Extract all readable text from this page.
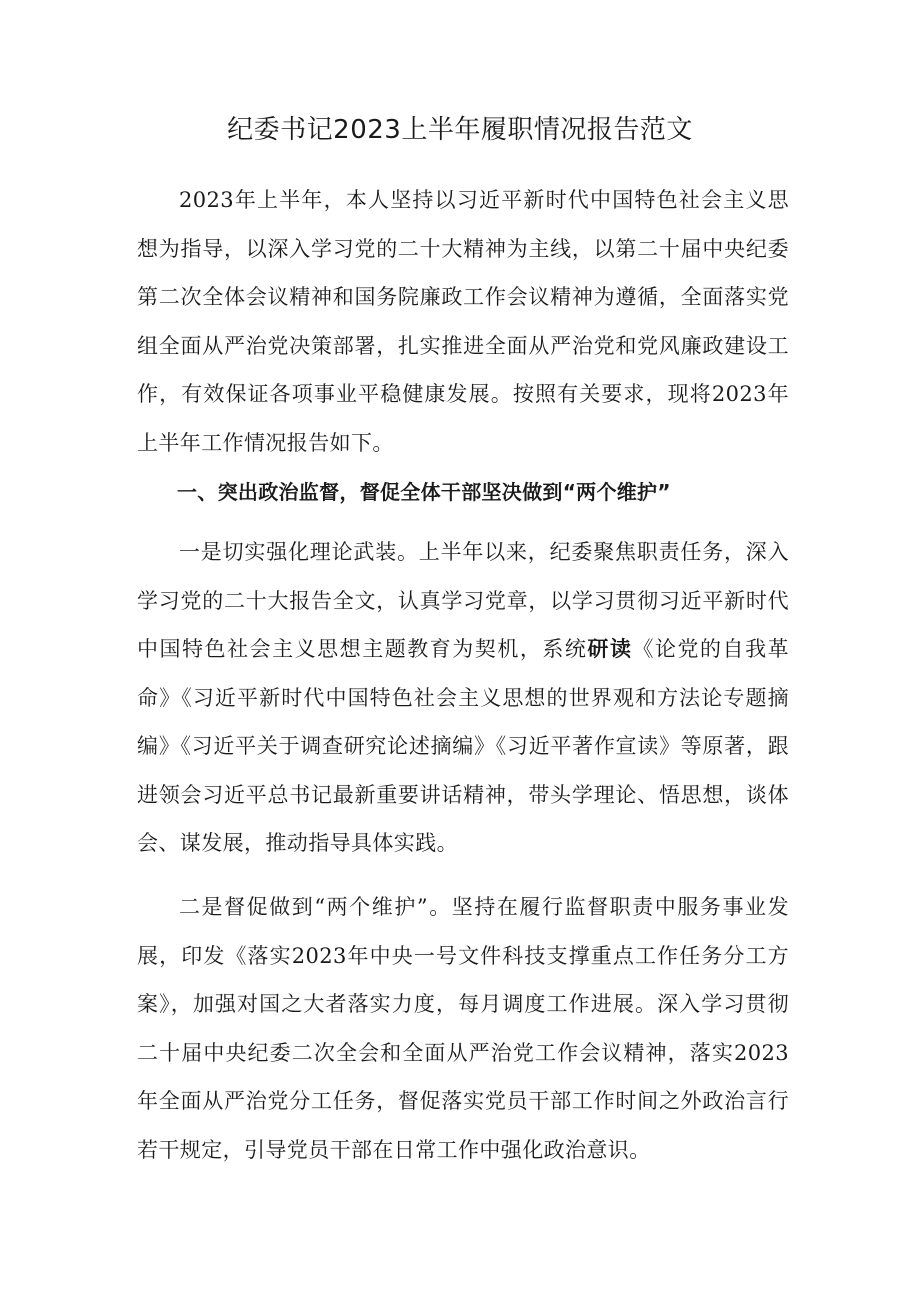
纪委书记2023上半年履职情况报告范文

2023年上半年，本人坚持以习近平新时代中国特色社会主义思想为指导，以深入学习党的二十大精神为主线，以第二十届中央纪委第二次全体会议精神和国务院廉政工作会议精神为遵循，全面落实党组全面从严治党决策部署，扎实推进全面从严治党和党风廉政建设工作，有效保证各项事业平稳健康发展。按照有关要求，现将2023年上半年工作情况报告如下。

一、突出政治监督，督促全体干部坚决做到“两个维护”

一是切实强化理论武装。上半年以来，纪委聚焦职责任务，深入学习党的二十大报告全文，认真学习党章，以学习贯彻习近平新时代中国特色社会主义思想主题教育为契机，系统研读《论党的自我革命》《习近平新时代中国特色社会主义思想的世界观和方法论专题摘编》《习近平关于调查研究论述摘编》《习近平著作宣读》等原著，跟进领会习近平总书记最新重要讲话精神，带头学理论、悟思想，谈体会、谋发展，推动指导具体实践。

二是督促做到“两个维护”。坚持在履行监督职责中服务事业发展，印发《落实2023年中央一号文件科技支撑重点工作任务分工方案》，加强对国之大者落实力度，每月调度工作进展。深入学习贯彻二十届中央纪委二次全会和全面从严治党工作会议精神，落实2023年全面从严治党分工任务，督促落实党员干部工作时间之外政治言行若干规定，引导党员干部在日常工作中强化政治意识。
